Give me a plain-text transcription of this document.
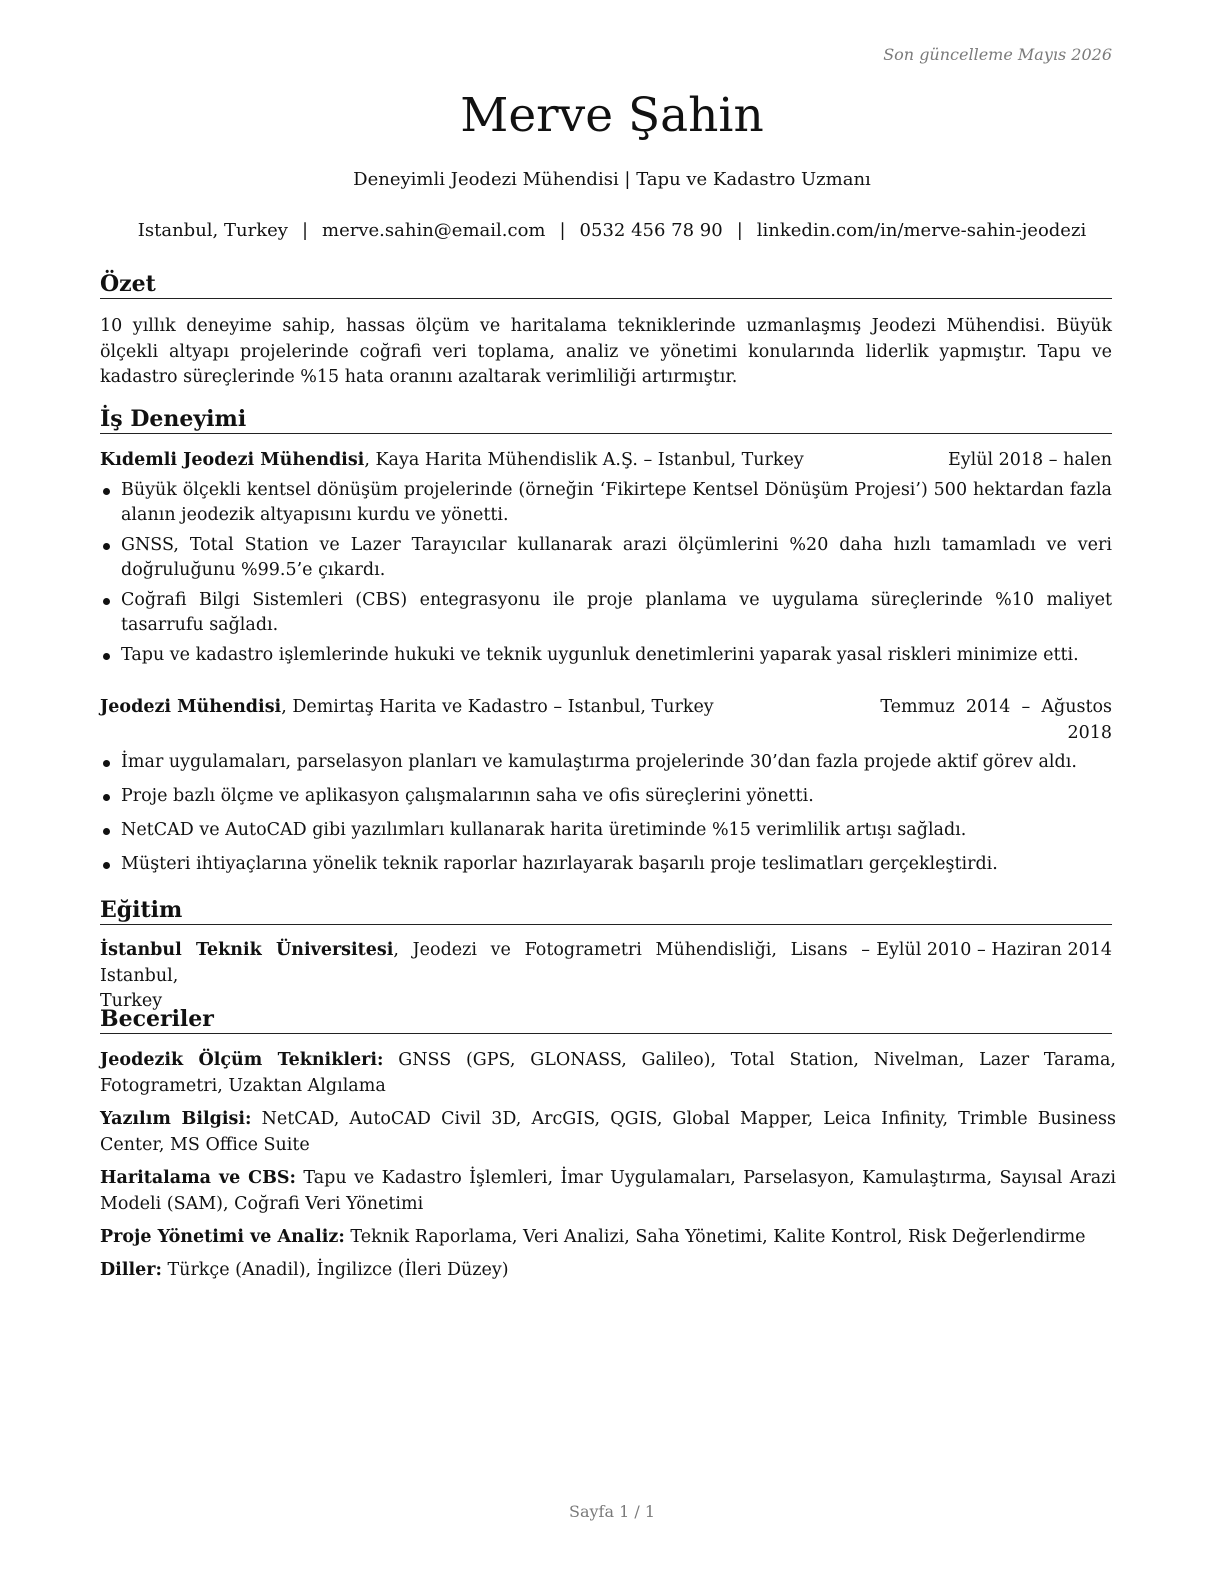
Son güncelleme Mayıs 2026
Merve Şahin
Deneyimli Jeodezi Mühendisi | Tapu ve Kadastro Uzmanı
Istanbul, Turkey | merve.sahin@email.com | 0532 456 78 90 | linkedin.com/in/merve-sahin-jeodezi
Özet
10 yıllık deneyime sahip, hassas ölçüm ve haritalama tekniklerinde uzmanlaşmış Jeodezi Mühendisi. Büyük ölçekli altyapı projelerinde coğrafi veri toplama, analiz ve yönetimi konularında liderlik yapmıştır. Tapu ve kadastro süreçlerinde %15 hata oranını azaltarak verimliliği artırmıştır.
İş Deneyimi
Kıdemli Jeodezi Mühendisi, Kaya Harita Mühendislik A.Ş. – Istanbul, Turkey	Eylül 2018 – halen
Büyük ölçekli kentsel dönüşüm projelerinde (örneğin ‘Fikirtepe Kentsel Dönüşüm Projesi’) 500 hektardan fazla alanın jeodezik altyapısını kurdu ve yönetti.
GNSS, Total Station ve Lazer Tarayıcılar kullanarak arazi ölçümlerini %20 daha hızlı tamamladı ve veri doğruluğunu %99.5’e çıkardı.
Coğrafi Bilgi Sistemleri (CBS) entegrasyonu ile proje planlama ve uygulama süreçlerinde %10 maliyet tasarrufu sağladı.
Tapu ve kadastro işlemlerinde hukuki ve teknik uygunluk denetimlerini yaparak yasal riskleri minimize etti.
Jeodezi Mühendisi, Demirtaş Harita ve Kadastro – Istanbul, Turkey	Temmuz  2014  –  Ağustos
2018
İmar uygulamaları, parselasyon planları ve kamulaştırma projelerinde 30’dan fazla projede aktif görev aldı.
Proje bazlı ölçme ve aplikasyon çalışmalarının saha ve ofis süreçlerini yönetti.
NetCAD ve AutoCAD gibi yazılımları kullanarak harita üretiminde %15 verimlilik artışı sağladı.
Müşteri ihtiyaçlarına yönelik teknik raporlar hazırlayarak başarılı proje teslimatları gerçekleştirdi.
Eğitim
İstanbul Teknik Üniversitesi, Jeodezi ve Fotogrametri Mühendisliği, Lisans – Istanbul,
Turkey
Eylül 2010 – Haziran 2014
Beceriler
Jeodezik Ölçüm Teknikleri: GNSS (GPS, GLONASS, Galileo), Total Station, Nivelman, Lazer Tarama, Fotogrametri, Uzaktan Algılama
Yazılım Bilgisi: NetCAD, AutoCAD Civil 3D, ArcGIS, QGIS, Global Mapper, Leica Infinity, Trimble Business Center, MS Office Suite
Haritalama ve CBS: Tapu ve Kadastro İşlemleri, İmar Uygulamaları, Parselasyon, Kamulaştırma, Sayısal Arazi Modeli (SAM), Coğrafi Veri Yönetimi
Proje Yönetimi ve Analiz: Teknik Raporlama, Veri Analizi, Saha Yönetimi, Kalite Kontrol, Risk Değerlendirme
Diller: Türkçe (Anadil), İngilizce (İleri Düzey)
Sayfa 1 / 1
